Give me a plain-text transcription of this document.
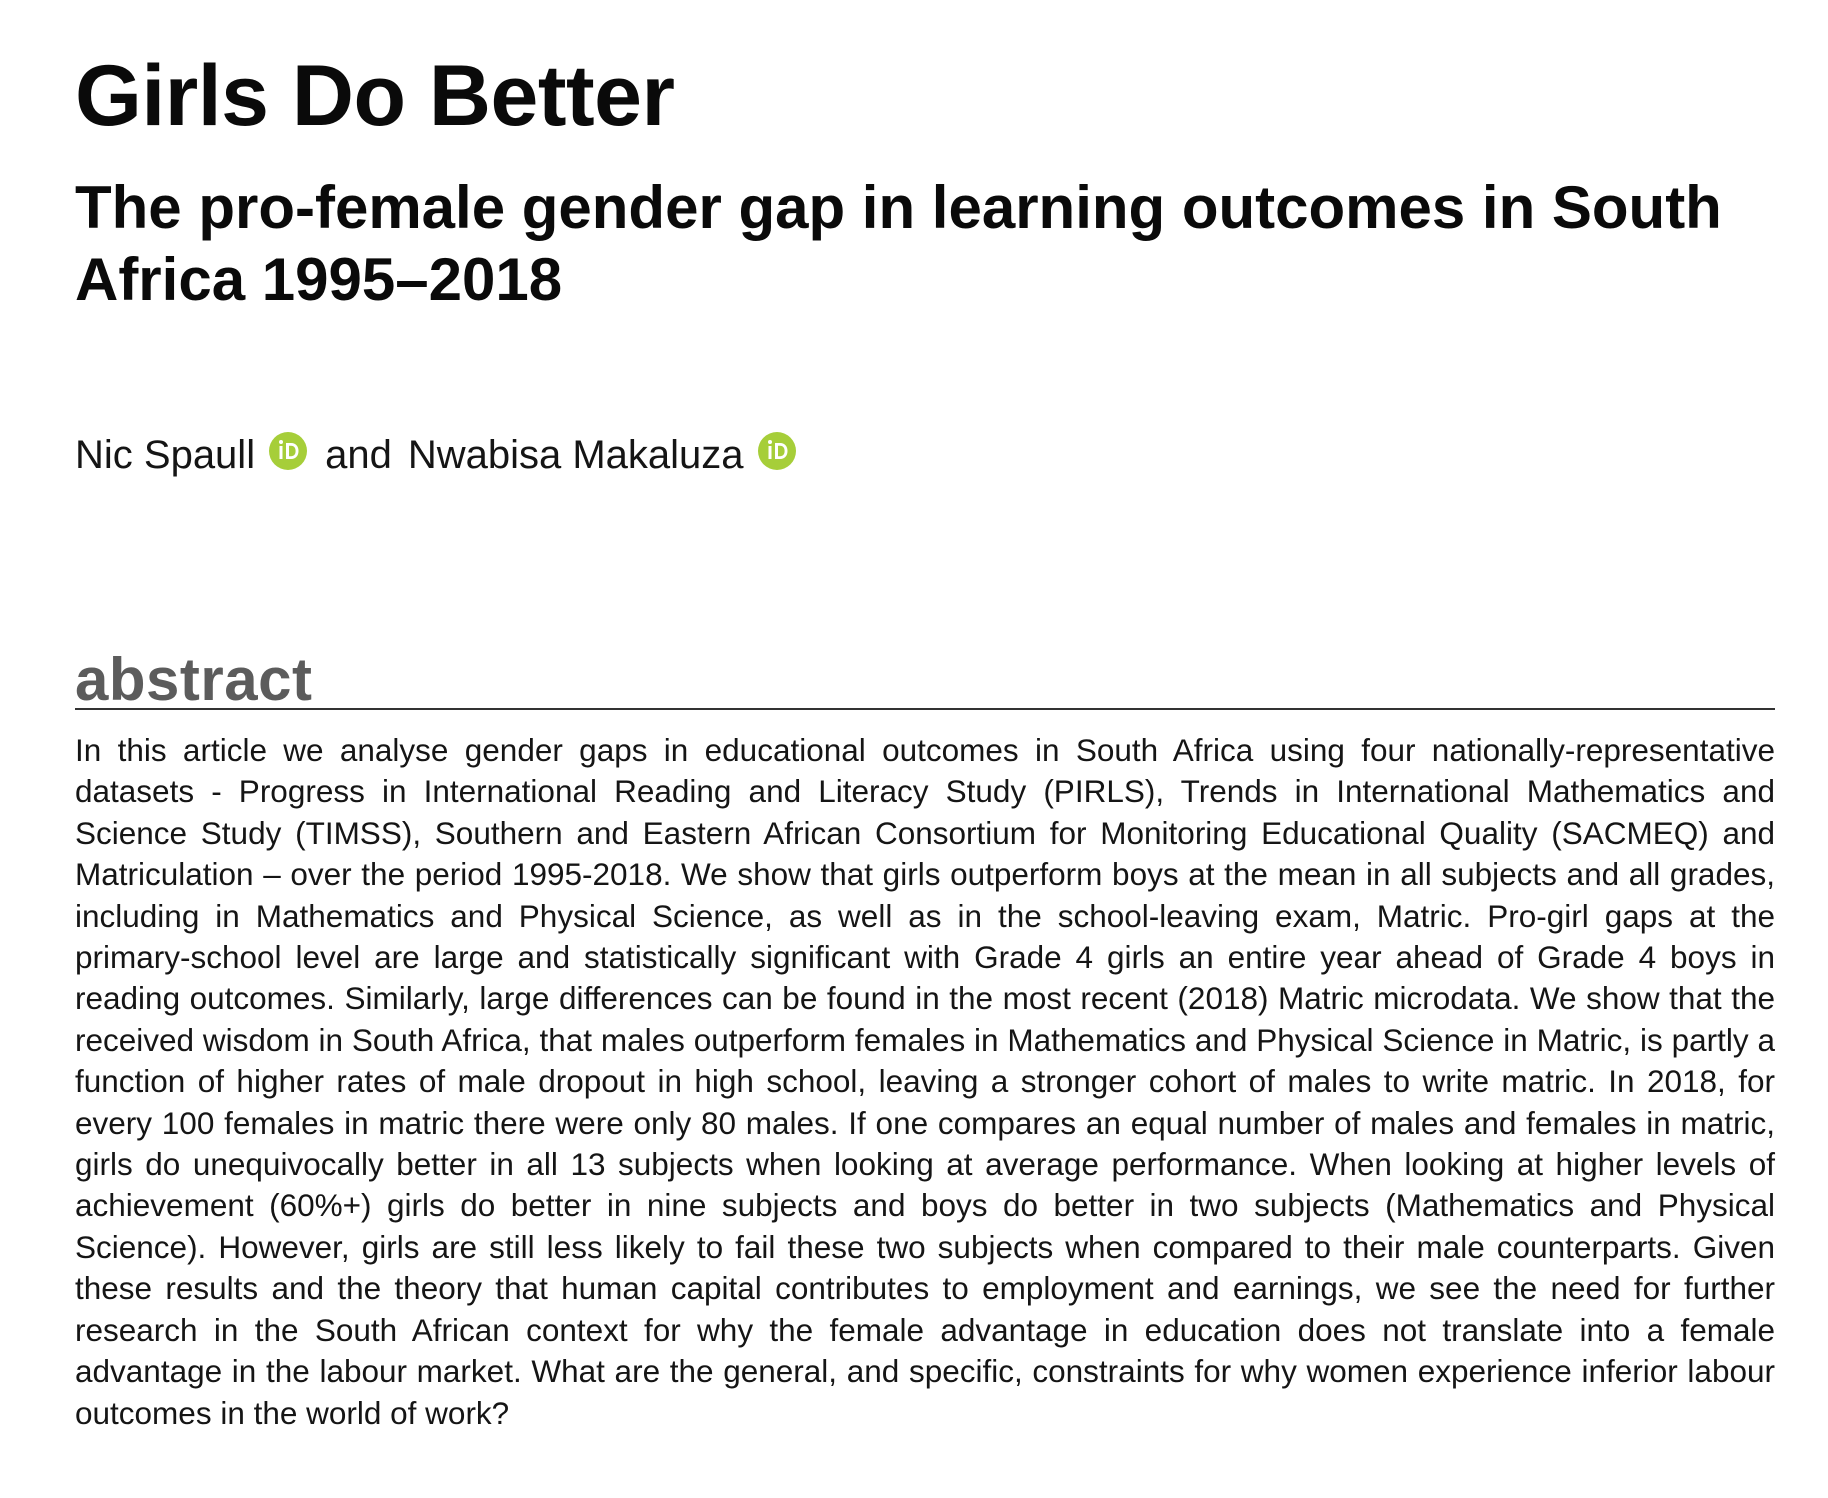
Girls Do Better
The pro-female gender gap in learning outcomes in South Africa 1995–2018
Nic Spaull and Nwabisa Makaluza
abstract

In this article we analyse gender gaps in educational outcomes in South Africa using four nationally-representative datasets - Progress in International Reading and Literacy Study (PIRLS), Trends in International Mathematics and Science Study (TIMSS), Southern and Eastern African Consortium for Monitoring Educational Quality (SACMEQ) and Matriculation – over the period 1995-2018. We show that girls outperform boys at the mean in all subjects and all grades, including in Mathematics and Physical Science, as well as in the school-leaving exam, Matric. Pro-girl gaps at the primary-school level are large and statistically significant with Grade 4 girls an entire year ahead of Grade 4 boys in reading outcomes. Similarly, large differences can be found in the most recent (2018) Matric microdata. We show that the received wisdom in South Africa, that males outperform females in Mathematics and Physical Science in Matric, is partly a function of higher rates of male dropout in high school, leaving a stronger cohort of males to write matric. In 2018, for every 100 females in matric there were only 80 males. If one compares an equal number of males and females in matric, girls do unequivocally better in all 13 subjects when looking at average performance. When looking at higher levels of achievement (60%+) girls do better in nine subjects and boys do better in two subjects (Mathematics and Physical Science). However, girls are still less likely to fail these two subjects when compared to their male counterparts. Given these results and the theory that human capital contributes to employment and earnings, we see the need for further research in the South African context for why the female advantage in education does not translate into a female advantage in the labour market. What are the general, and specific, constraints for why women experience inferior labour outcomes in the world of work?
